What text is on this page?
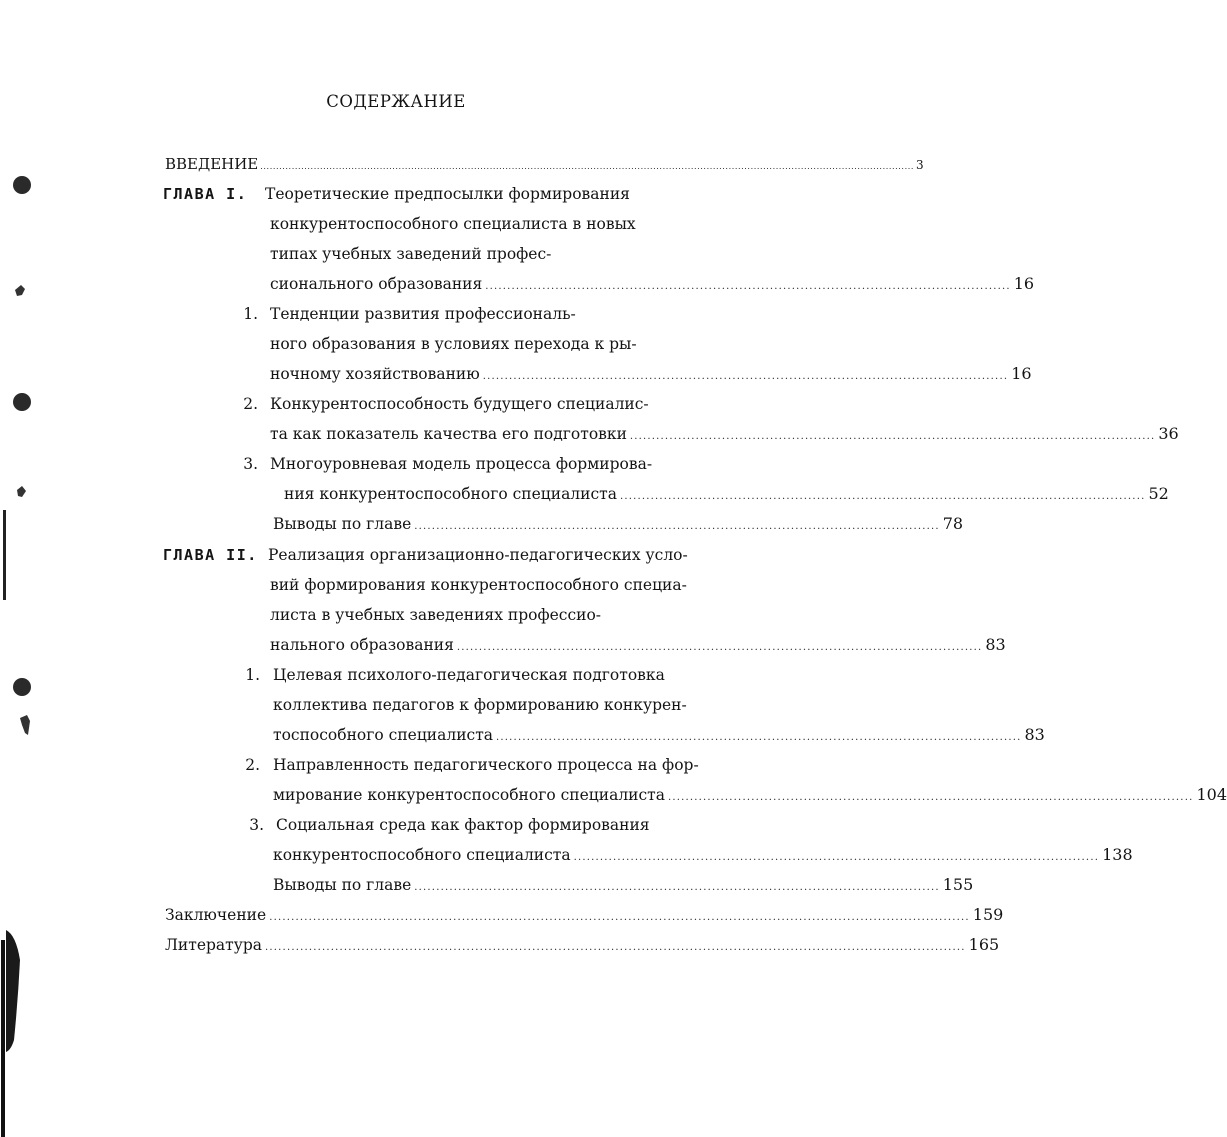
СОДЕРЖАНИЕ
ВВЕДЕНИЕ ................................................................................................................................................................................................................ 3
ГЛАВА I. Теоретические предпосылки формирования
конкурентоспособного специалиста в новых
типах учебных заведений профес-
сионального образования ........................................................................................................................ 16
1. Тенденции развития профессиональ-
ного образования в условиях перехода к ры-
ночному хозяйствованию ........................................................................................................................ 16
2. Конкурентоспособность будущего специалис-
та как показатель качества его подготовки ........................................................................................................................ 36
3. Многоуровневая модель процесса формирова-
ния конкурентоспособного специалиста ........................................................................................................................ 52
Выводы по главе ........................................................................................................................ 78
ГЛАВА II. Реализация организационно-педагогических усло-
вий формирования конкурентоспособного специа-
листа в учебных заведениях профессио-
нального образования ........................................................................................................................ 83
1. Целевая психолого-педагогическая подготовка
коллектива педагогов к формированию конкурен-
тоспособного специалиста ........................................................................................................................ 83
2. Направленность педагогического процесса на фор-
мирование конкурентоспособного специалиста ........................................................................................................................ 104
3. Социальная среда как фактор формирования
конкурентоспособного специалиста ........................................................................................................................ 138
Выводы по главе ........................................................................................................................ 155
Заключение ................................................................................................................................................................ 159
Литература ................................................................................................................................................................ 165
